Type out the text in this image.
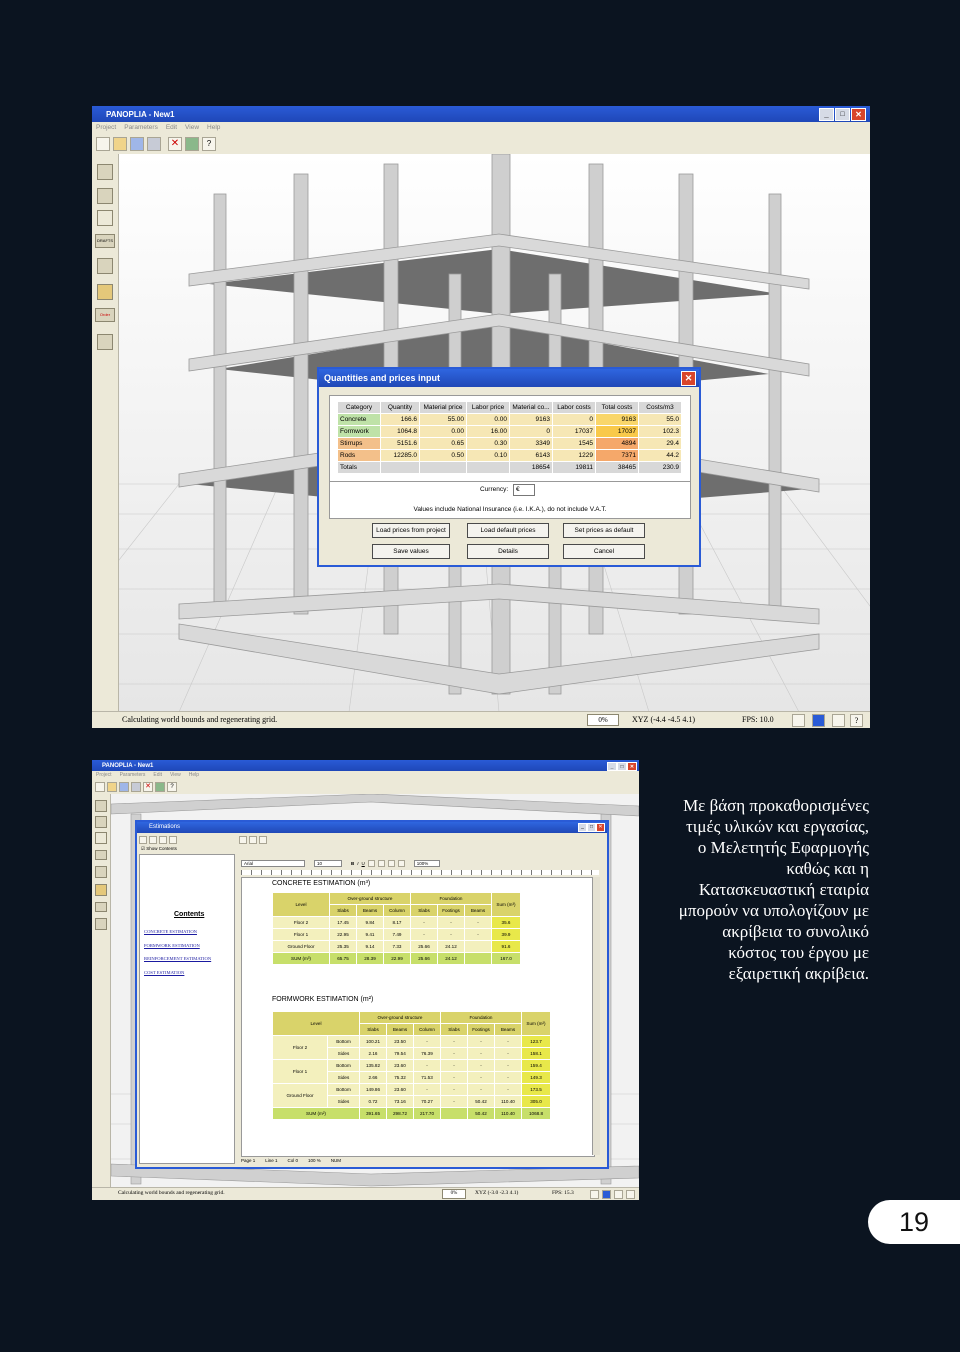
PANOPLIA - New1	_	□	✕
Project	Parameters	Edit	View	Help
✕	?
DRAFTS
Order
Quantities and prices input	✕
Category	Quantity	Material price	Labor price	Material co...	Labor costs	Total costs	Costs/m3
Concrete	166.6	55.00	0.00	9163	0	9163	55.0
Formwork	1064.8	0.00	16.00	0	17037	17037	102.3
Stirrups	5151.6	0.65	0.30	3349	1545	4894	29.4
Rods	12285.0	0.50	0.10	6143	1229	7371	44.2
Totals				18654	19811	38465	230.9
Currency:	€
Values include National Insurance (i.e. I.K.A.), do not include V.A.T.
Load prices from project	Load default prices	Set prices as default
Save values	Details	Cancel
Calculating world bounds and regenerating grid.	0%	XYZ (-4.4 -4.5 4.1)	FPS: 10.0	?
PANOPLIA - New1	_	□	✕
Project	Parameters	Edit	View	Help
✕	?
Calculating world bounds and regenerating grid.	0%	XYZ (-3.0 -2.3 4.1)	FPS: 15.3
Estimations	_	□	✕
☑ Show Contents
Contents
CONCRETE ESTIMATION
FORMWORK ESTIMATION
REINFORCEMENT ESTIMATION
COST ESTIMATION
Arial	10	B I U	100%
CONCRETE ESTIMATION (m³)
Level	Over-ground structure			Foundation			Sum (m³)
	Slabs	Beams	Column	Slabs	Footings	Beams	
Floor 2	17.45	9.84	8.17	-	-	-	35.6
Floor 1	22.95	9.41	7.49	-	-	-	39.9
Ground Floor	25.35	9.14	7.33	25.66	24.12		91.6
SUM (m³)	65.75	28.39	22.99	25.66	24.12		167.0
FORMWORK ESTIMATION (m²)
Level		Over-ground structure			Foundation			Sum (m²)
		Slabs	Beams	Column	Slabs	Footings	Beams	
Floor 2	Bottom	100.21	23.50	-	-	-	-	123.7
	Sides	2.16	79.54	76.39	-	-	-	158.1
Floor 1	Bottom	135.82	23.60	-	-	-	-	159.4
	Sides	2.66	75.32	71.53	-	-	-	149.3
Ground Floor	Bottom	149.86	23.60	-	-	-	-	173.5
	Sides	0.72	73.16	70.27	-	50.42	110.40	305.0
SUM (m²)		391.65	298.72	217.70		50.42	110.40	1068.8
Page 1 Line 1 Col 0 100 % NUM
Με βάση προκαθορισμένες τιμές υλικών και εργασίας, ο Μελετητής Εφαρμογής καθώς και η Κατασκευαστική εταιρία μπορούν να υπολογίζουν με ακρίβεια το συνολικό κόστος του έργου με εξαιρετική ακρίβεια.
19
